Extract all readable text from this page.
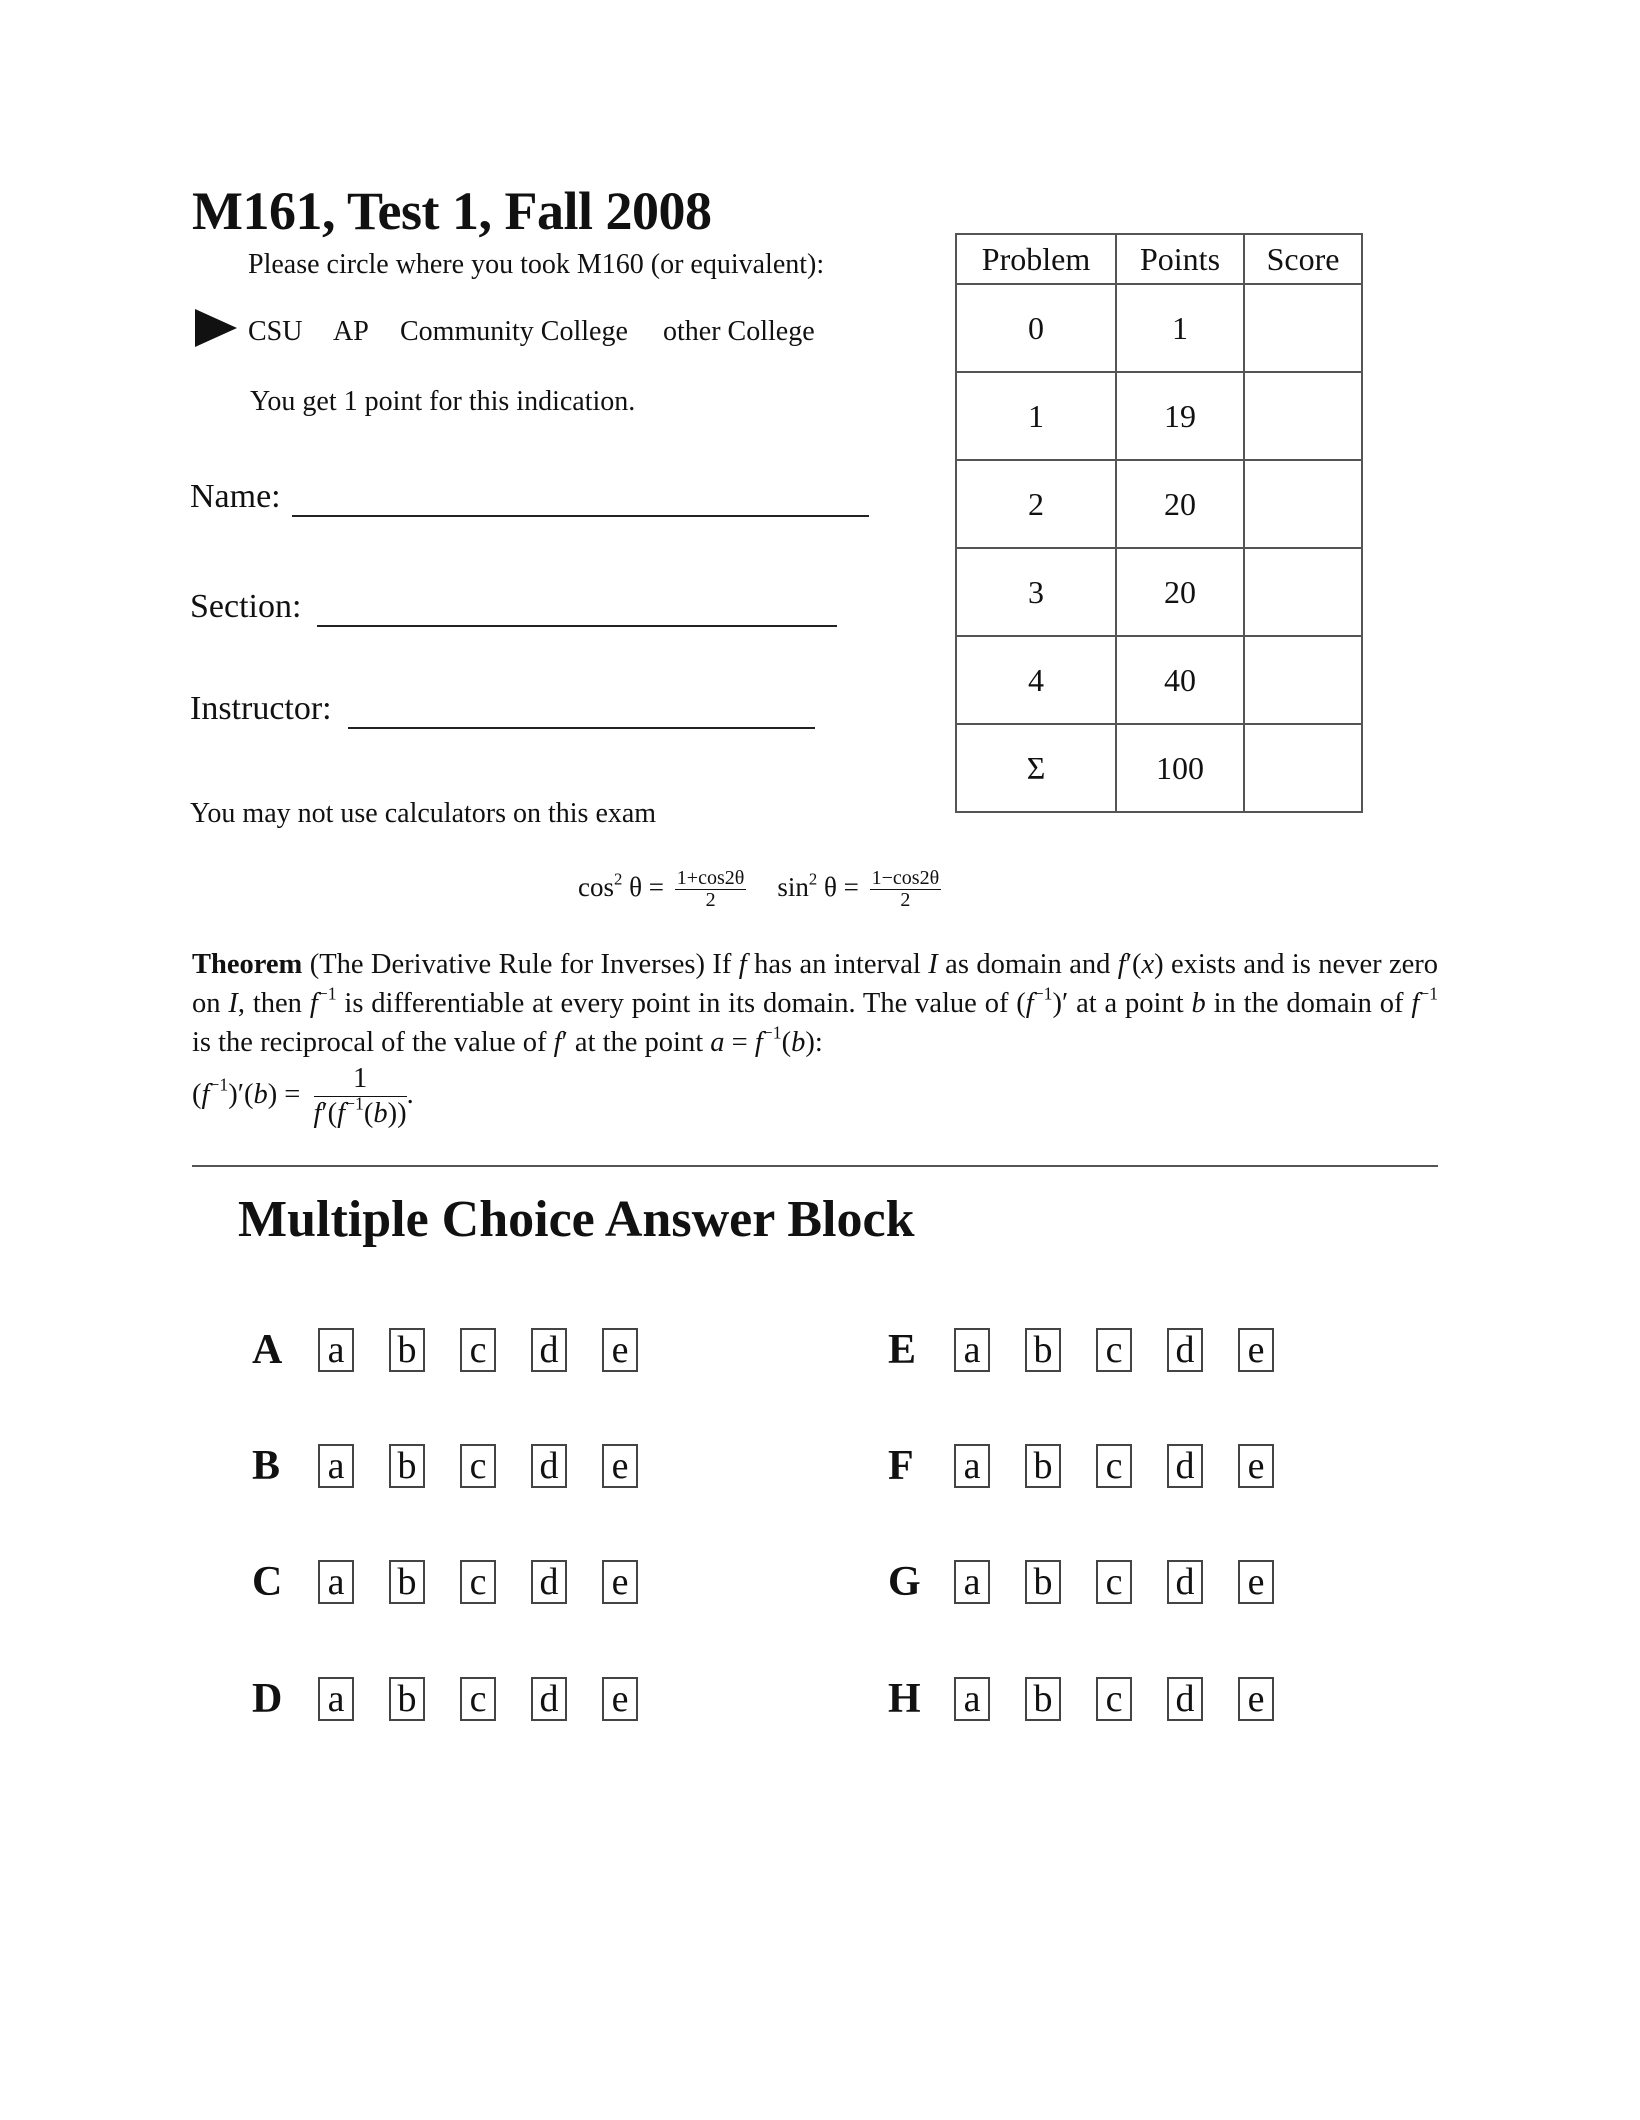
M161, Test 1, Fall 2008
Please circle where you took M160 (or equivalent):
CSU AP Community College other College
You get 1 point for this indication.
Name:
Section:
Instructor:
You may not use calculators on this exam
Problem	Points	Score
0	1	
1	19	
2	20	
3	20	
4	40	
Σ	100	
$\cos^2 \theta = \frac{1+\cos 2\theta}{2} \sin^2 \theta = \frac{1-\cos 2\theta}{2}$
Theorem (The Derivative Rule for Inverses) If f has an interval I as domain and f′(x) exists and is never zero on I, then $f^{-1}$ is differentiable at every point in its domain. The value of $(f^{-1})'$ at a point b in the domain of $f^{-1}$ is the reciprocal of the value of f′ at the point $a = f^{-1}(b)$:
$(f^{-1})'(b) = \frac{1}{f'(f^{-1}(b))}$ .
Multiple Choice Answer Block
A	a b c d e
B	a b c d e
C	a b c d e
D	a b c d e
E	a b c d e
F	a b c d e
G	a b c d e
H	a b c d e
